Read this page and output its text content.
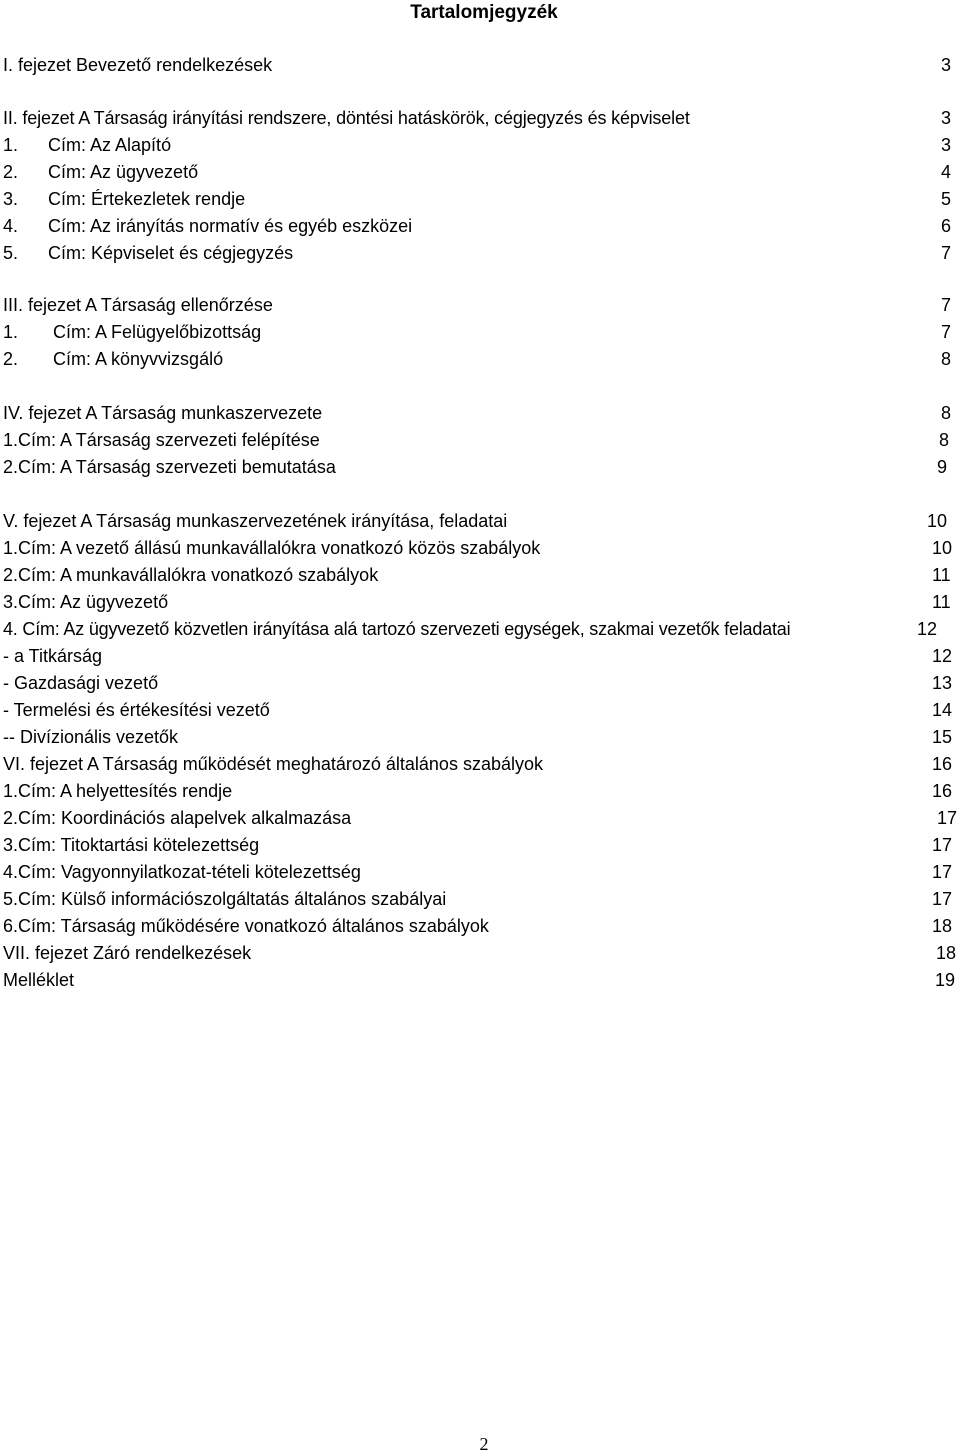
Tartalomjegyzék
I. fejezet Bevezető rendelkezések	3
II. fejezet A Társaság irányítási rendszere, döntési hatáskörök, cégjegyzés és képviselet	3
1.      Cím: Az Alapító	3
2.      Cím: Az ügyvezető	4
3.      Cím: Értekezletek rendje	5
4.      Cím: Az irányítás normatív és egyéb eszközei	6
5.      Cím: Képviselet és cégjegyzés	7
III. fejezet A Társaság ellenőrzése	7
1.       Cím: A Felügyelőbizottság	7
2.       Cím: A könyvvizsgáló	8
IV. fejezet A Társaság munkaszervezete	8
1.Cím: A Társaság szervezeti felépítése	8
2.Cím: A Társaság szervezeti bemutatása	9
V. fejezet A Társaság munkaszervezetének irányítása, feladatai	10
1.Cím: A vezető állású munkavállalókra vonatkozó közös szabályok	10
2.Cím: A munkavállalókra vonatkozó szabályok	11
3.Cím: Az ügyvezető	11
4. Cím: Az ügyvezető közvetlen irányítása alá tartozó szervezeti egységek, szakmai vezetők feladatai	12
- a Titkárság	12
- Gazdasági vezető	13
- Termelési és értékesítési vezető	14
-- Divízionális vezetők	15
VI. fejezet A Társaság működését meghatározó általános szabályok	16
1.Cím: A helyettesítés rendje	16
2.Cím: Koordinációs alapelvek alkalmazása	17
3.Cím: Titoktartási kötelezettség	17
4.Cím: Vagyonnyilatkozat-tételi kötelezettség	17
5.Cím: Külső információszolgáltatás általános szabályai	17
6.Cím: Társaság működésére vonatkozó általános szabályok	18
VII. fejezet Záró rendelkezések	18
Melléklet	19
2
